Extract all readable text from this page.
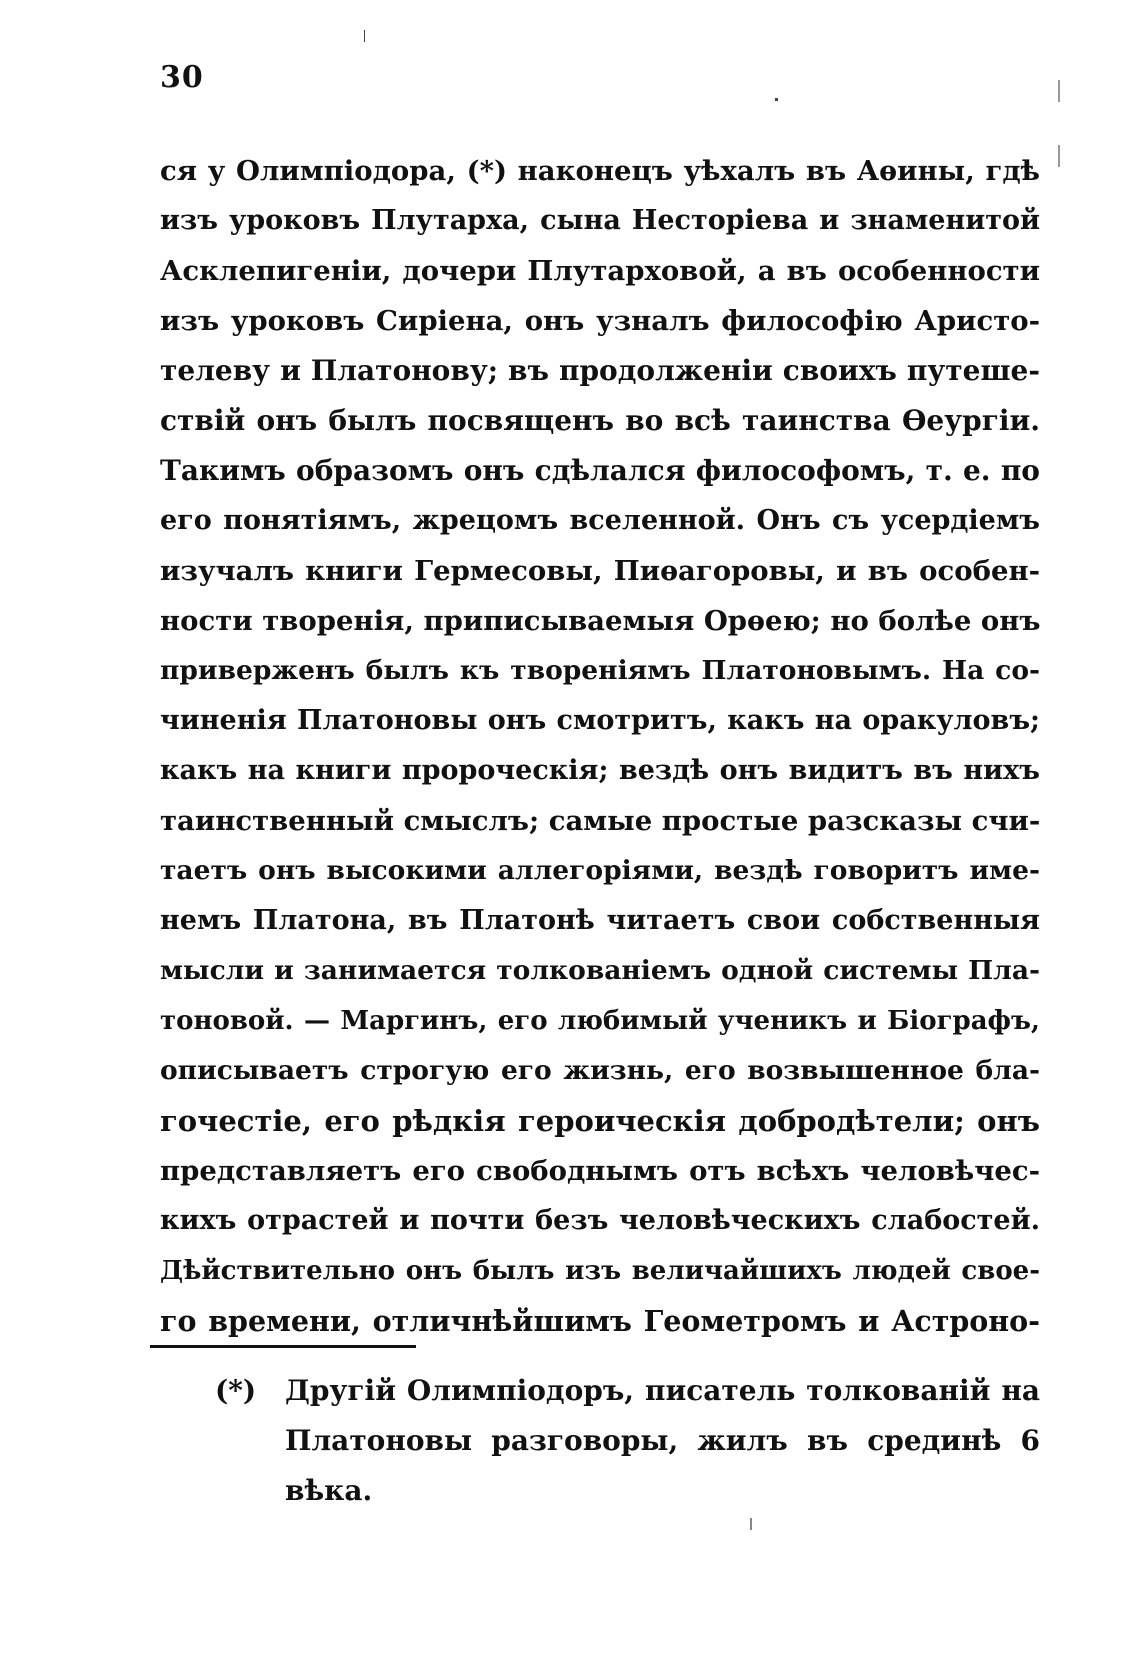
30
ся у Олимпіодора, (*) наконецъ уѣхалъ въ Аѳины, гдѣ
изъ уроковъ Плутарха, сына Несторіева и знаменитой
Асклепигеніи, дочери Плутарховой, а въ особенности
изъ уроковъ Сиріена, онъ узналъ философію Аристо-
телеву и Платонову; въ продолженіи своихъ путеше-
ствій онъ былъ посвященъ во всѣ таинства Ѳеургіи.
Такимъ образомъ онъ сдѣлался философомъ, т. е. по
его понятіямъ, жрецомъ вселенной. Онъ съ усердіемъ
изучалъ книги Гермесовы, Пиѳагоровы, и въ особен-
ности творенія, приписываемыя Орѳею; но болѣе онъ
приверженъ былъ къ твореніямъ Платоновымъ. На со-
чиненія Платоновы онъ смотритъ, какъ на оракуловъ;
какъ на книги пророческія; вездѣ онъ видитъ въ нихъ
таинственный смыслъ; самые простые разсказы счи-
таетъ онъ высокими аллегоріями, вездѣ говоритъ име-
немъ Платона, въ Платонѣ читаетъ свои собственныя
мысли и занимается толкованіемъ одной системы Пла-
тоновой. — Маргинъ, его любимый ученикъ и Біографъ,
описываетъ строгую его жизнь, его возвышенное бла-
гочестіе, его рѣдкія героическія добродѣтели; онъ
представляетъ его свободнымъ отъ всѣхъ человѣчес-
кихъ отрастей и почти безъ человѣческихъ слабостей.
Дѣйствительно онъ былъ изъ величайшихъ людей свое-
го времени, отличнѣйшимъ Геометромъ и Астроно-
(*) Другій Олимпіодоръ, писатель толкованій на
Платоновы разговоры, жилъ въ срединѣ 6
вѣка.
